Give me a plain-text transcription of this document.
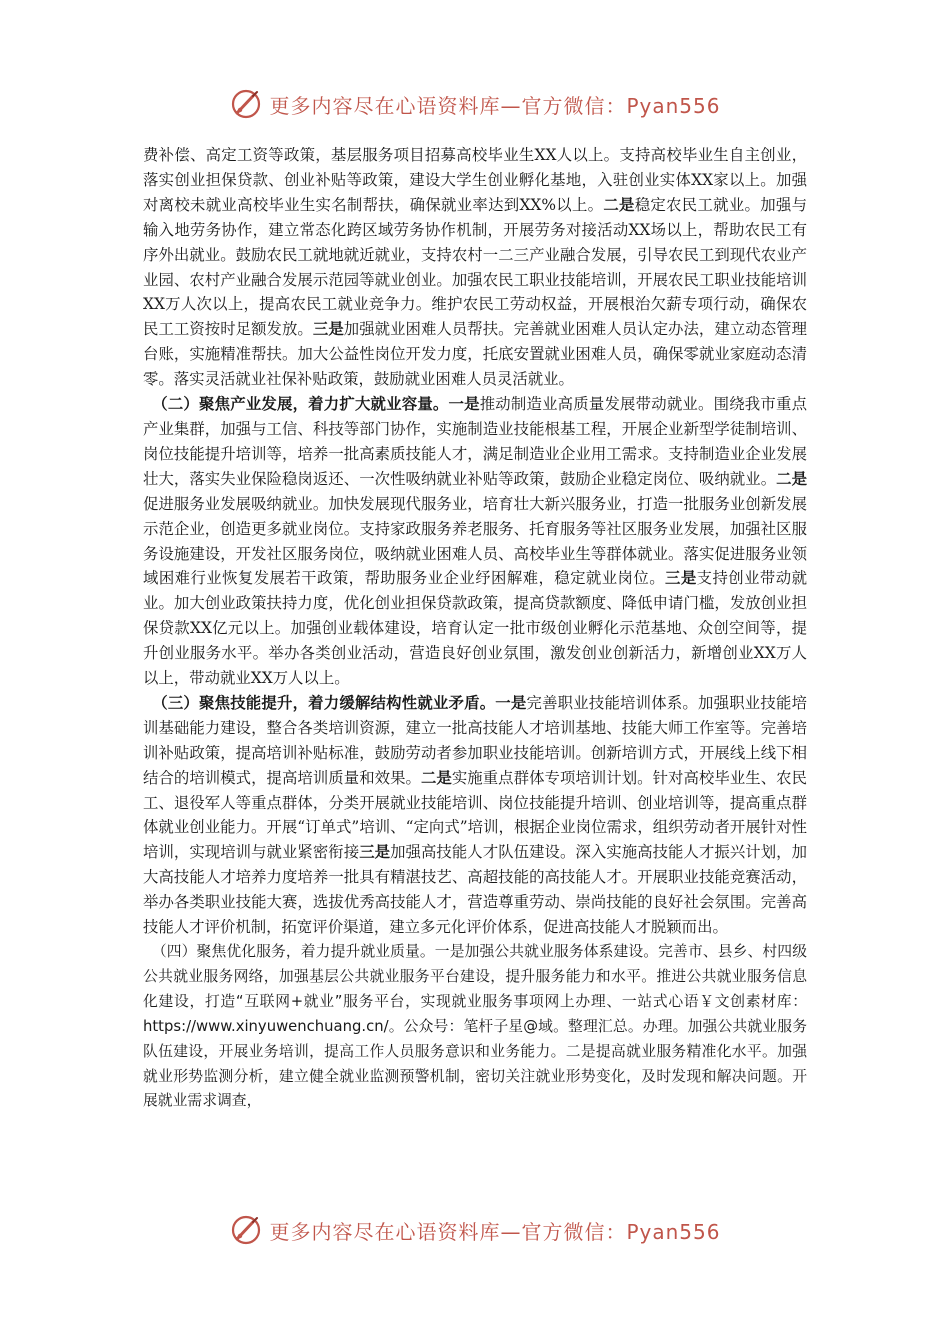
更多内容尽在心语资料库—官方微信：Pyan556

费补偿、高定工资等政策，基层服务项目招募高校毕业生XX人以上。支持高校毕业生自主创业，落实创业担保贷款、创业补贴等政策，建设大学生创业孵化基地，入驻创业实体XX家以上。加强对离校未就业高校毕业生实名制帮扶，确保就业率达到XX%以上。二是稳定农民工就业。加强与输入地劳务协作，建立常态化跨区域劳务协作机制，开展劳务对接活动XX场以上，帮助农民工有序外出就业。鼓励农民工就地就近就业，支持农村一二三产业融合发展，引导农民工到现代农业产业园、农村产业融合发展示范园等就业创业。加强农民工职业技能培训，开展农民工职业技能培训XX万人次以上，提高农民工就业竞争力。维护农民工劳动权益，开展根治欠薪专项行动，确保农民工工资按时足额发放。三是加强就业困难人员帮扶。完善就业困难人员认定办法，建立动态管理台账，实施精准帮扶。加大公益性岗位开发力度，托底安置就业困难人员，确保零就业家庭动态清零。落实灵活就业社保补贴政策，鼓励就业困难人员灵活就业。

（二）聚焦产业发展，着力扩大就业容量。一是推动制造业高质量发展带动就业。围绕我市重点产业集群，加强与工信、科技等部门协作，实施制造业技能根基工程，开展企业新型学徒制培训、岗位技能提升培训等，培养一批高素质技能人才，满足制造业企业用工需求。支持制造业企业发展壮大，落实失业保险稳岗返还、一次性吸纳就业补贴等政策，鼓励企业稳定岗位、吸纳就业。二是促进服务业发展吸纳就业。加快发展现代服务业，培育壮大新兴服务业，打造一批服务业创新发展示范企业，创造更多就业岗位。支持家政服务养老服务、托育服务等社区服务业发展，加强社区服务设施建设，开发社区服务岗位，吸纳就业困难人员、高校毕业生等群体就业。落实促进服务业领域困难行业恢复发展若干政策，帮助服务业企业纾困解难，稳定就业岗位。三是支持创业带动就业。加大创业政策扶持力度，优化创业担保贷款政策，提高贷款额度、降低申请门槛，发放创业担保贷款XX亿元以上。加强创业载体建设，培育认定一批市级创业孵化示范基地、众创空间等，提升创业服务水平。举办各类创业活动，营造良好创业氛围，激发创业创新活力，新增创业XX万人以上，带动就业XX万人以上。

（三）聚焦技能提升，着力缓解结构性就业矛盾。一是完善职业技能培训体系。加强职业技能培训基础能力建设，整合各类培训资源，建立一批高技能人才培训基地、技能大师工作室等。完善培训补贴政策，提高培训补贴标准，鼓励劳动者参加职业技能培训。创新培训方式，开展线上线下相结合的培训模式，提高培训质量和效果。二是实施重点群体专项培训计划。针对高校毕业生、农民工、退役军人等重点群体，分类开展就业技能培训、岗位技能提升培训、创业培训等，提高重点群体就业创业能力。开展“订单式”培训、“定向式”培训，根据企业岗位需求，组织劳动者开展针对性培训，实现培训与就业紧密衔接三是加强高技能人才队伍建设。深入实施高技能人才振兴计划，加大高技能人才培养力度培养一批具有精湛技艺、高超技能的高技能人才。开展职业技能竞赛活动，举办各类职业技能大赛，选拔优秀高技能人才，营造尊重劳动、崇尚技能的良好社会氛围。完善高技能人才评价机制，拓宽评价渠道，建立多元化评价体系，促进高技能人才脱颖而出。

（四）聚焦优化服务，着力提升就业质量。一是加强公共就业服务体系建设。完善市、县乡、村四级公共就业服务网络，加强基层公共就业服务平台建设，提升服务能力和水平。推进公共就业服务信息化建设，打造“互联网+就业”服务平台，实现就业服务事项网上办理、一站式心语￥文创素材库：https://www.xinyuwenchuang.cn/。公众号：笔杆子星@域。整理汇总。办理。加强公共就业服务队伍建设，开展业务培训，提高工作人员服务意识和业务能力。二是提高就业服务精准化水平。加强就业形势监测分析，建立健全就业监测预警机制，密切关注就业形势变化，及时发现和解决问题。开展就业需求调查，

更多内容尽在心语资料库—官方微信：Pyan556
